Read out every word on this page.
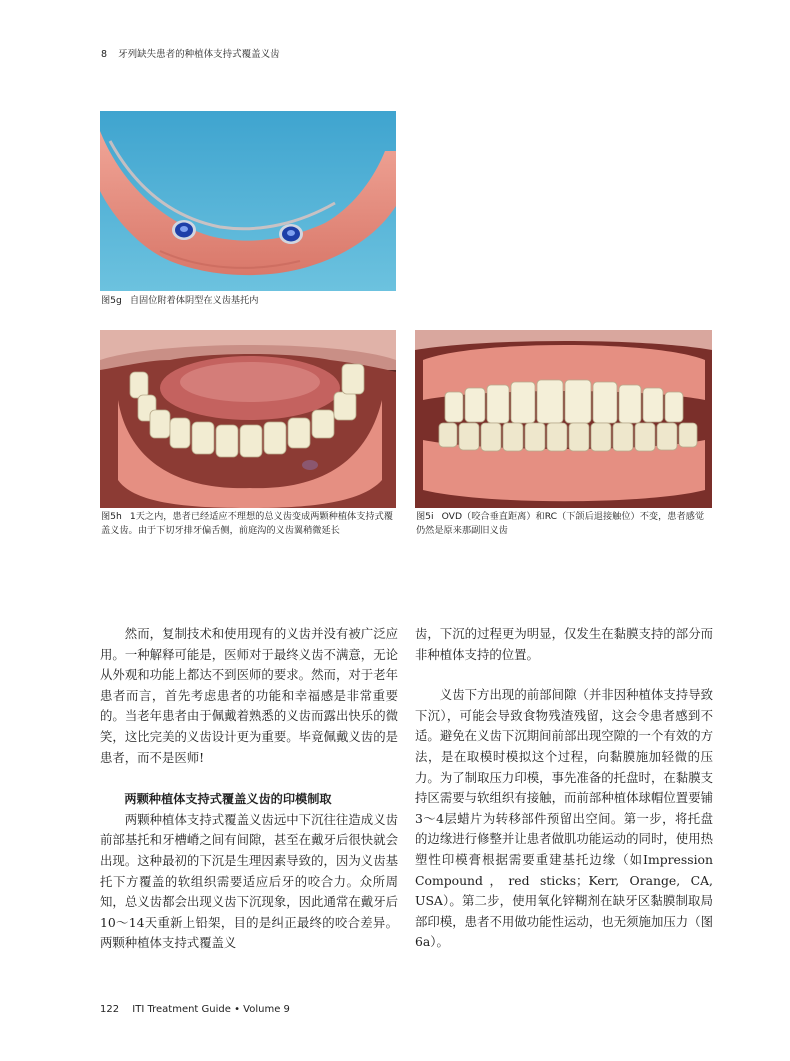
8 牙列缺失患者的种植体支持式覆盖义齿
图5g 自固位附着体阴型在义齿基托内
图5h 1天之内，患者已经适应不理想的总义齿变成两颗种植体支持式覆盖义齿。由于下切牙排牙偏舌侧，前庭沟的义齿翼稍微延长
图5i OVD（咬合垂直距离）和RC（下颌后退接触位）不变，患者感觉仍然是原来那副旧义齿

然而，复制技术和使用现有的义齿并没有被广泛应用。一种解释可能是，医师对于最终义齿不满意，无论从外观和功能上都达不到医师的要求。然而，对于老年患者而言，首先考虑患者的功能和幸福感是非常重要的。当老年患者由于佩戴着熟悉的义齿而露出快乐的微笑，这比完美的义齿设计更为重要。毕竟佩戴义齿的是患者，而不是医师!

两颗种植体支持式覆盖义齿的印模制取

两颗种植体支持式覆盖义齿远中下沉往往造成义齿前部基托和牙槽嵴之间有间隙，甚至在戴牙后很快就会出现。这种最初的下沉是生理因素导致的，因为义齿基托下方覆盖的软组织需要适应后牙的咬合力。众所周知，总义齿都会出现义齿下沉现象，因此通常在戴牙后10～14天重新上铅架，目的是纠正最终的咬合差异。两颗种植体支持式覆盖义

齿，下沉的过程更为明显，仅发生在黏膜支持的部分而非种植体支持的位置。

义齿下方出现的前部间隙（并非因种植体支持导致下沉），可能会导致食物残渣残留，这会令患者感到不适。避免在义齿下沉期间前部出现空隙的一个有效的方法，是在取模时模拟这个过程，向黏膜施加轻微的压力。为了制取压力印模，事先准备的托盘时，在黏膜支持区需要与软组织有接触，而前部种植体球帽位置要铺3～4层蜡片为转移部件预留出空间。第一步，将托盘的边缘进行修整并让患者做肌功能运动的同时，使用热塑性印模膏根据需要重建基托边缘（如Impression Compound，red sticks；Kerr, Orange, CA, USA）。第二步，使用氧化锌糊剂在缺牙区黏膜制取局部印模，患者不用做功能性运动，也无须施加压力（图6a）。

122 ITI Treatment Guide • Volume 9
